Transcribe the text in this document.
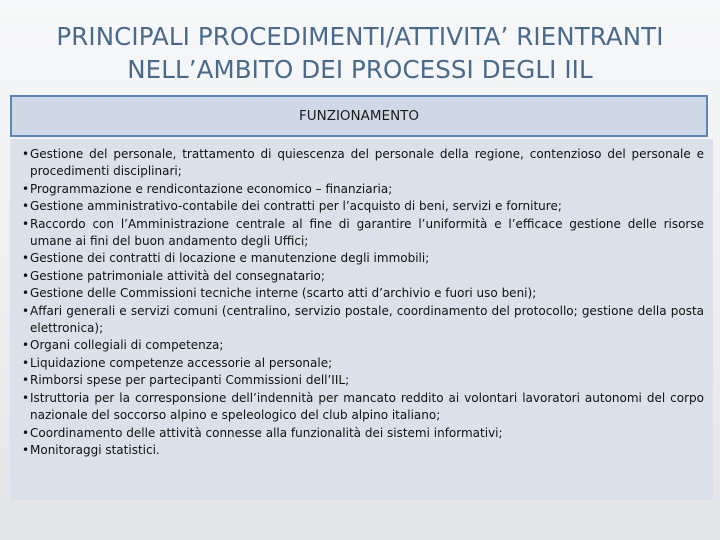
PRINCIPALI PROCEDIMENTI/ATTIVITA’ RIENTRANTI
NELL’AMBITO DEI PROCESSI DEGLI IIL
FUNZIONAMENTO
•Gestione del personale, trattamento di quiescenza del personale della regione, contenzioso del personale e procedimenti disciplinari;
•Programmazione e rendicontazione economico – finanziaria;
•Gestione amministrativo-contabile dei contratti per l’acquisto di beni, servizi e forniture;
•Raccordo con l’Amministrazione centrale al fine di garantire l’uniformità e l’efficace gestione delle risorse umane ai fini del buon andamento degli Uffici;
•Gestione dei contratti di locazione e manutenzione degli immobili;
•Gestione patrimoniale attività del consegnatario;
•Gestione delle Commissioni tecniche interne (scarto atti d’archivio e fuori uso beni);
•Affari generali e servizi comuni (centralino, servizio postale, coordinamento del protocollo; gestione della posta elettronica);
•Organi collegiali di competenza;
•Liquidazione competenze accessorie al personale;
•Rimborsi spese per partecipanti Commissioni dell’IIL;
•Istruttoria per la corresponsione dell’indennità per mancato reddito ai volontari lavoratori autonomi del corpo nazionale del soccorso alpino e speleologico del club alpino italiano;
•Coordinamento delle attività connesse alla funzionalità dei sistemi informativi;
•Monitoraggi statistici.
